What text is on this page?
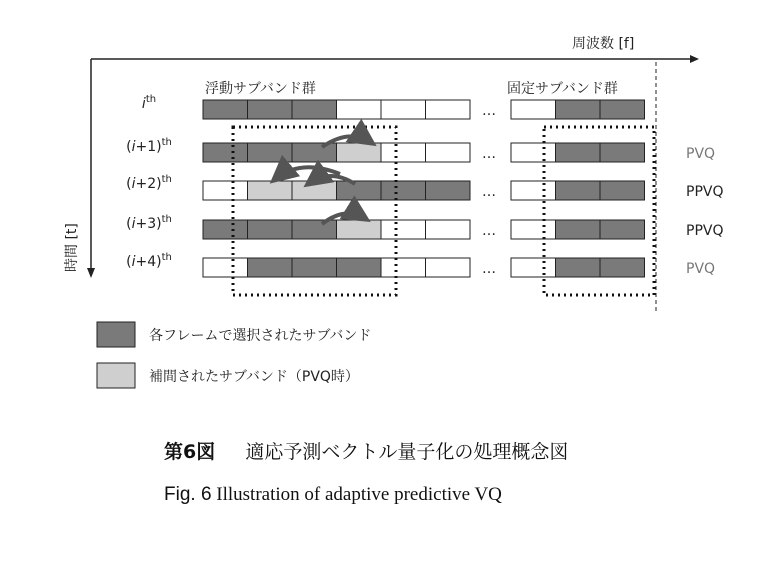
周波数 [f]
時間 [t]
浮動サブバンド群	固定サブバンド群
$i^{th}$
…
$(i+1)^{th}$
…	PVQ
$(i+2)^{th}$
…	PPVQ
$(i+3)^{th}$
…	PPVQ
$(i+4)^{th}$
…	PVQ
各フレームで選択されたサブバンド
補間されたサブバンド（PVQ時）
第6図 適応予測ベクトル量子化の処理概念図
Fig. 6 Illustration of adaptive predictive VQ
